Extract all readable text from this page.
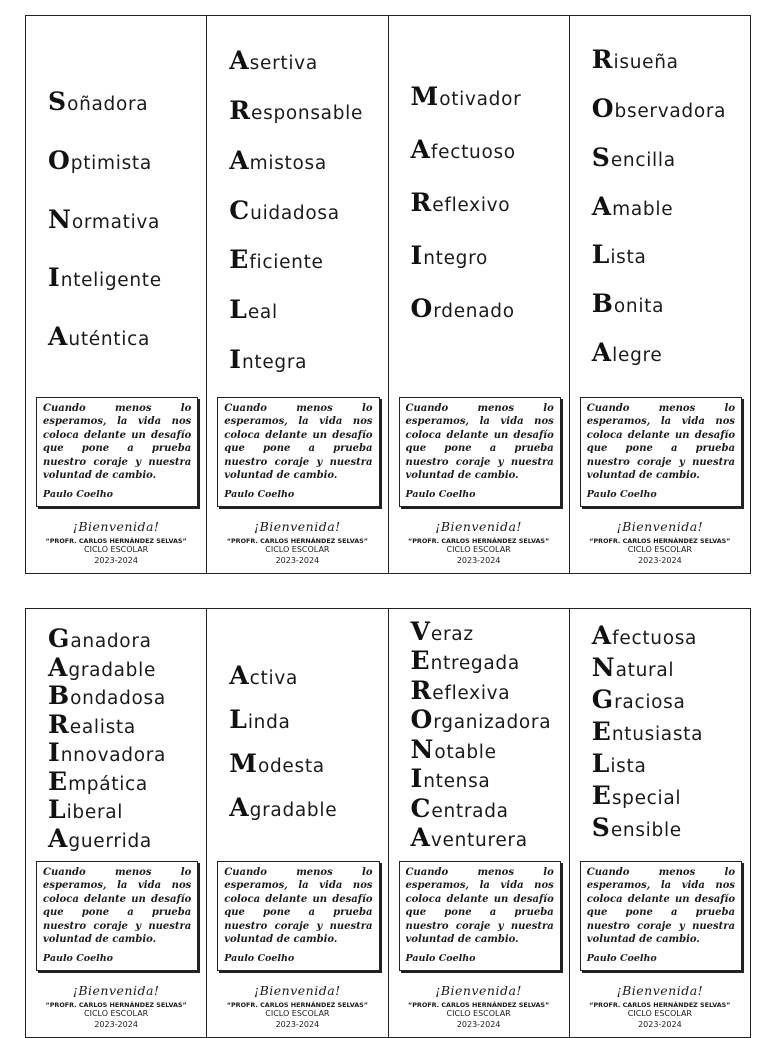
Soñadora
Optimista
Normativa
Inteligente
Auténtica
Cuando menos lo esperamos, la vida nos coloca delante un desafío que pone a prueba nuestro coraje y nuestra voluntad de cambio.
Paulo Coelho
¡Bienvenida!
“PROFR. CARLOS HERNÁNDEZ SELVAS”
CICLO ESCOLAR
2023-2024
Asertiva
Responsable
Amistosa
Cuidadosa
Eficiente
Leal
Integra
Cuando menos lo esperamos, la vida nos coloca delante un desafío que pone a prueba nuestro coraje y nuestra voluntad de cambio.
Paulo Coelho
¡Bienvenida!
“PROFR. CARLOS HERNÁNDEZ SELVAS”
CICLO ESCOLAR
2023-2024
Motivador
Afectuoso
Reflexivo
Integro
Ordenado
Cuando menos lo esperamos, la vida nos coloca delante un desafío que pone a prueba nuestro coraje y nuestra voluntad de cambio.
Paulo Coelho
¡Bienvenida!
“PROFR. CARLOS HERNÁNDEZ SELVAS”
CICLO ESCOLAR
2023-2024
Risueña
Observadora
Sencilla
Amable
Lista
Bonita
Alegre
Cuando menos lo esperamos, la vida nos coloca delante un desafío que pone a prueba nuestro coraje y nuestra voluntad de cambio.
Paulo Coelho
¡Bienvenida!
“PROFR. CARLOS HERNÁNDEZ SELVAS”
CICLO ESCOLAR
2023-2024
Ganadora
Agradable
Bondadosa
Realista
Innovadora
Empática
Liberal
Aguerrida
Cuando menos lo esperamos, la vida nos coloca delante un desafío que pone a prueba nuestro coraje y nuestra voluntad de cambio.
Paulo Coelho
¡Bienvenida!
“PROFR. CARLOS HERNÁNDEZ SELVAS”
CICLO ESCOLAR
2023-2024
Activa
Linda
Modesta
Agradable
Cuando menos lo esperamos, la vida nos coloca delante un desafío que pone a prueba nuestro coraje y nuestra voluntad de cambio.
Paulo Coelho
¡Bienvenida!
“PROFR. CARLOS HERNÁNDEZ SELVAS”
CICLO ESCOLAR
2023-2024
Veraz
Entregada
Reflexiva
Organizadora
Notable
Intensa
Centrada
Aventurera
Cuando menos lo esperamos, la vida nos coloca delante un desafío que pone a prueba nuestro coraje y nuestra voluntad de cambio.
Paulo Coelho
¡Bienvenida!
“PROFR. CARLOS HERNÁNDEZ SELVAS”
CICLO ESCOLAR
2023-2024
Afectuosa
Natural
Graciosa
Entusiasta
Lista
Especial
Sensible
Cuando menos lo esperamos, la vida nos coloca delante un desafío que pone a prueba nuestro coraje y nuestra voluntad de cambio.
Paulo Coelho
¡Bienvenida!
“PROFR. CARLOS HERNÁNDEZ SELVAS”
CICLO ESCOLAR
2023-2024
